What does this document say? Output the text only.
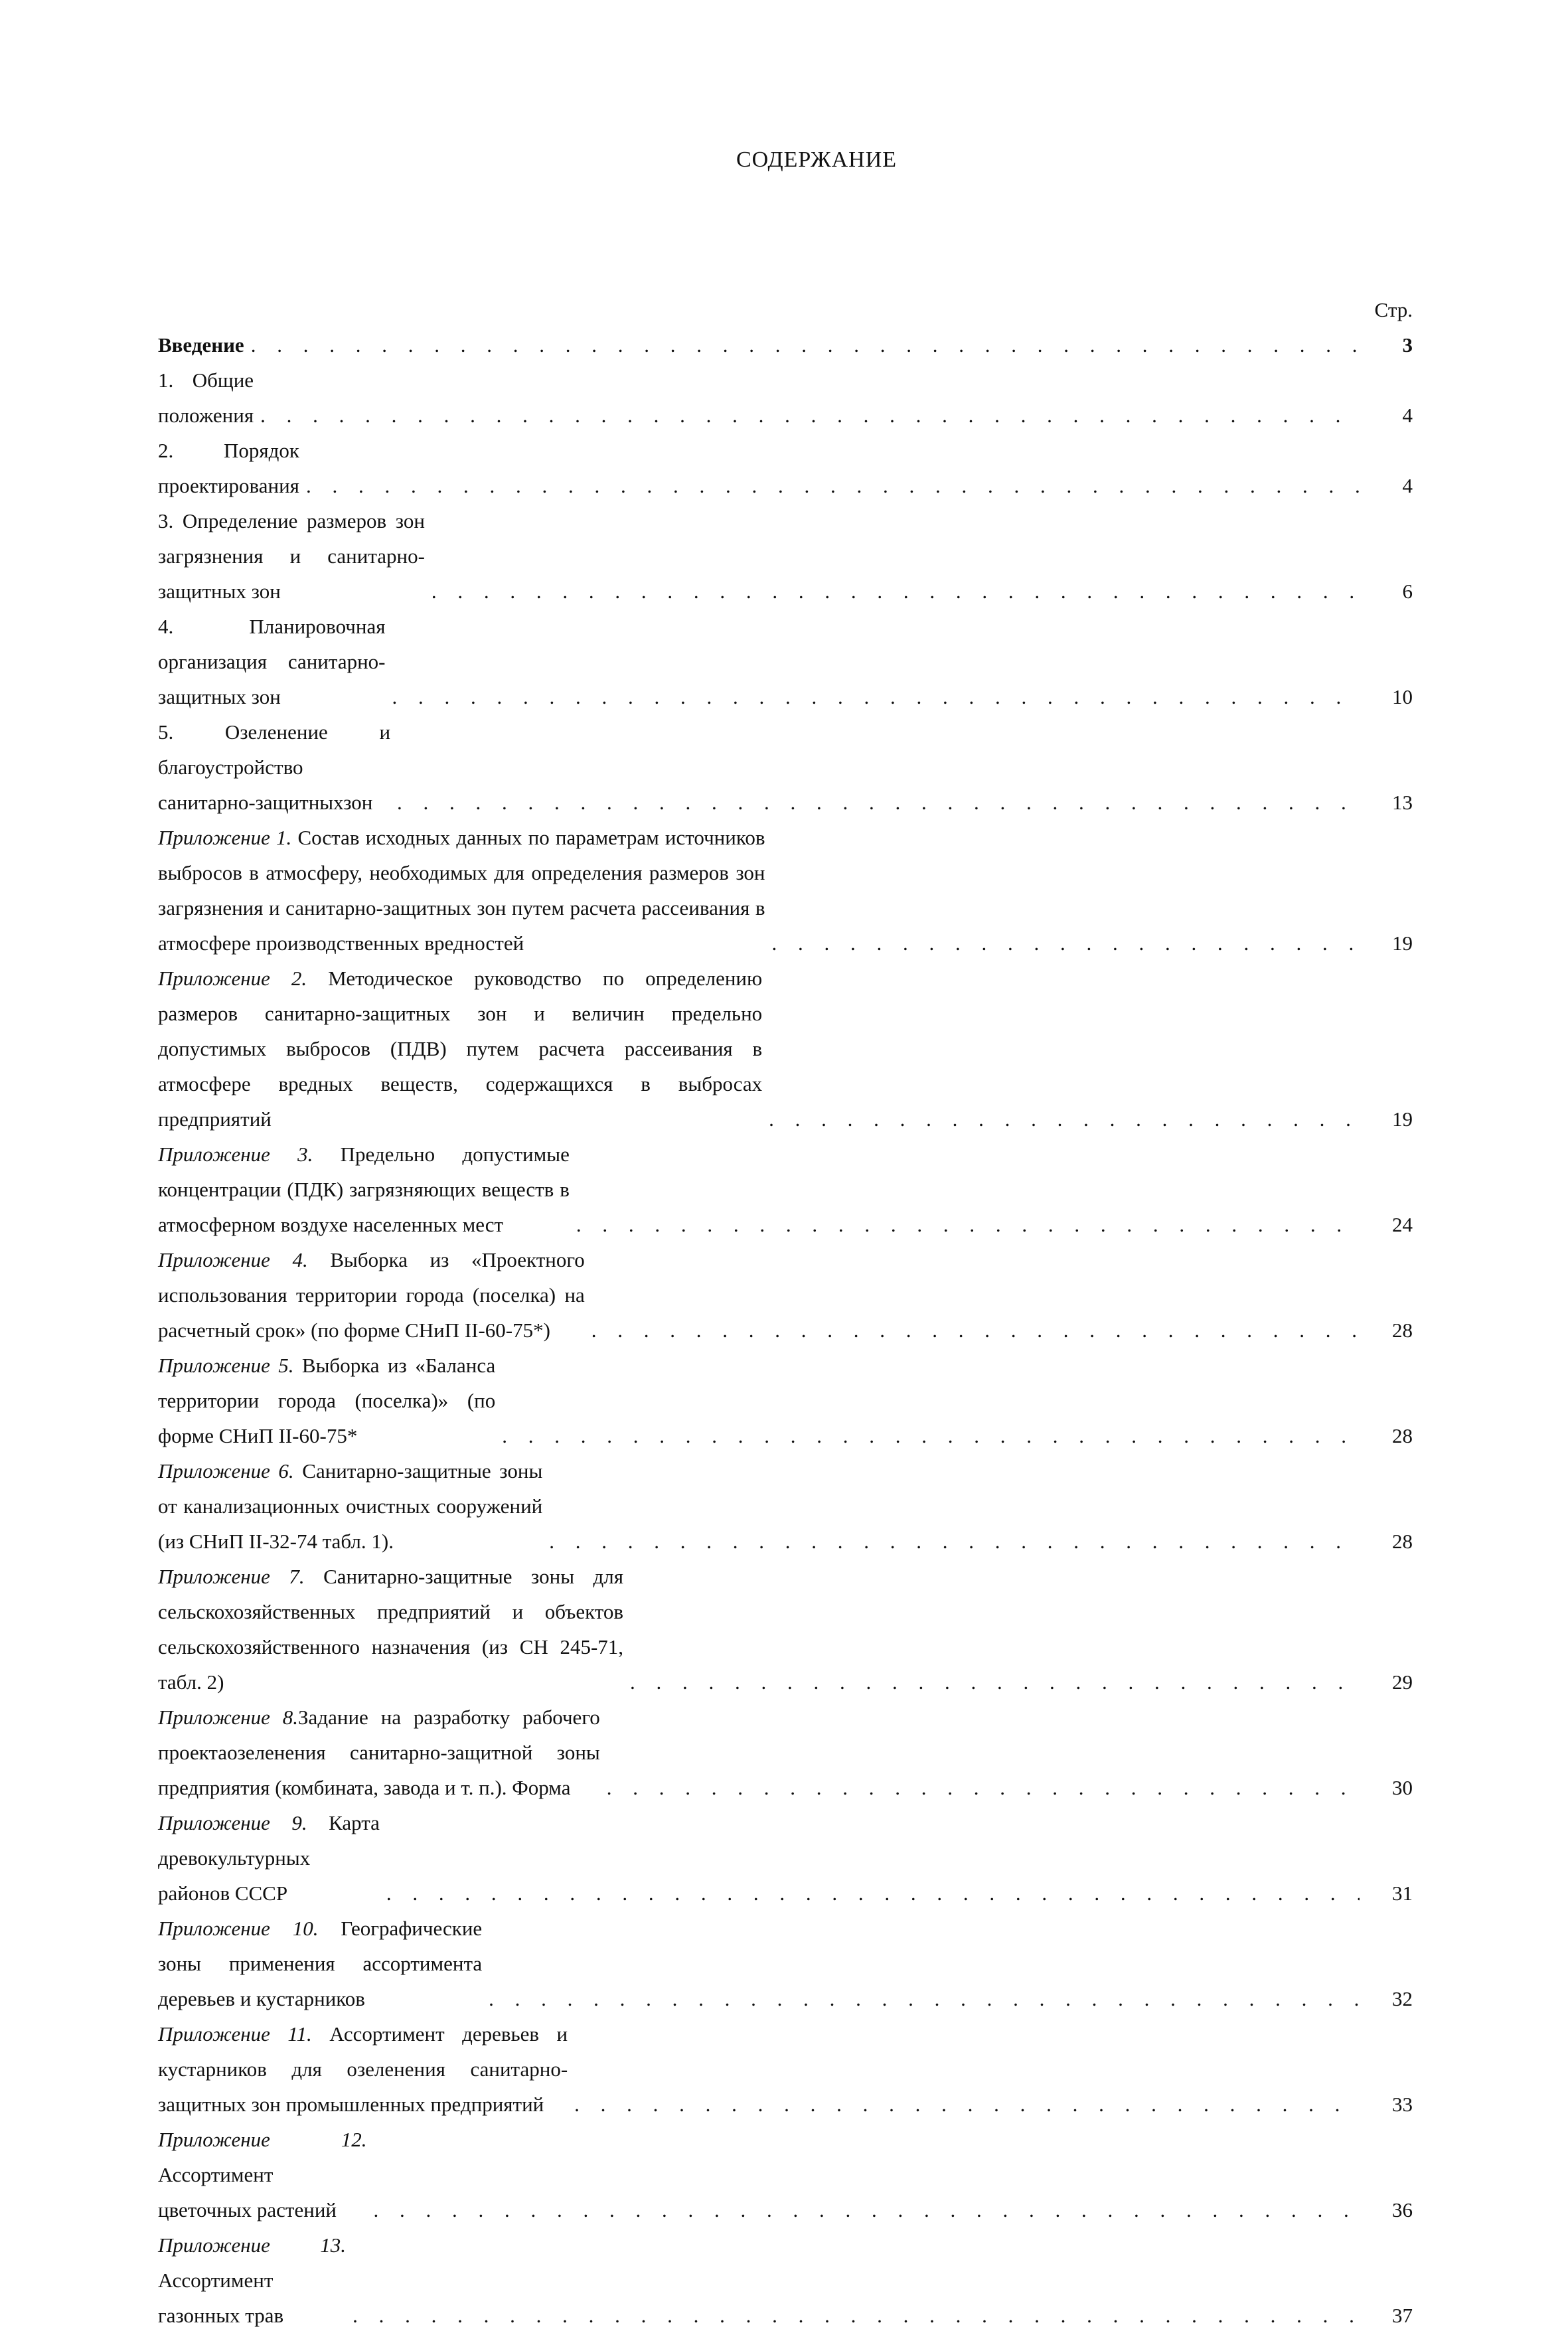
СОДЕРЖАНИЕ
Стр.
Введение . . .	3
1. Общие положения . . .	4
2. Порядок проектирования . . .	4
3. Определение размеров зон загрязнения и санитарно-защитных зон . . .	6
4. Планировочная организация санитарно-защитных зон . . .	10
5. Озеленение и благоустройство санитарно-защитныхзон . . .	13
Приложение 1. Состав исходных данных по параметрам источников выбросов в атмосферу, необходимых для определения размеров зон загрязнения и санитарно-защитных зон путем расчета рассеивания в атмосфере производственных вредностей . . .	19
Приложение 2. Методическое руководство по определению размеров санитарно-защитных зон и величин предельно допустимых выбросов (ПДВ) путем расчета рассеивания в атмосфере вредных веществ, содержащихся в выбросах предприятий . . .	19
Приложение 3. Предельно допустимые концентрации (ПДК) загрязняющих веществ в атмосферном воздухе населенных мест . . .	24
Приложение 4. Выборка из «Проектного использования территории города (поселка) на расчетный срок» (по форме СНиП II-60-75*) . . .	28
Приложение 5. Выборка из «Баланса территории города (поселка)» (по форме СНиП II-60-75* . . .	28
Приложение 6. Санитарно-защитные зоны от канализационных очистных сооружений (из СНиП II-32-74 табл. 1). . . .	28
Приложение 7. Санитарно-защитные зоны для сельскохозяйственных предприятий и объектов сельскохозяйственного назначения (из СН 245-71, табл. 2) . . .	29
Приложение 8.Задание на разработку рабочего проектаозеленения санитарно-защитной зоны предприятия (комбината, завода и т. п.). Форма . . .	30
Приложение 9. Карта древокультурных районов СССР . . .	31
Приложение 10. Географические зоны применения ассортимента деревьев и кустарников . . .	32
Приложение 11. Ассортимент деревьев и кустарников для озеленения санитарно-защитных зон промышленных предприятий . . .	33
Приложение 12. Ассортимент цветочных растений . . .	36
Приложение 13. Ассортимент газонных трав . . .	37
